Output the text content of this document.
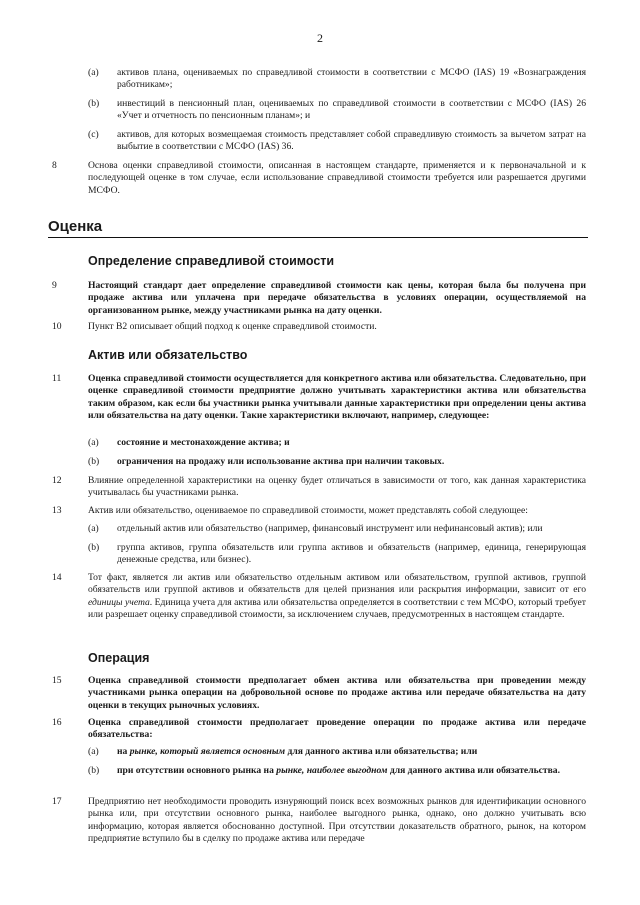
2
(a) активов плана, оцениваемых по справедливой стоимости в соответствии с МСФО (IAS) 19 «Вознаграждения работникам»;
(b) инвестиций в пенсионный план, оцениваемых по справедливой стоимости в соответствии с МСФО (IAS) 26 «Учет и отчетность по пенсионным планам»; и
(c) активов, для которых возмещаемая стоимость представляет собой справедливую стоимость за вычетом затрат на выбытие в соответствии с МСФО (IAS) 36.
8	Основа оценки справедливой стоимости, описанная в настоящем стандарте, применяется и к первоначальной и к последующей оценке в том случае, если использование справедливой стоимости требуется или разрешается другими МСФО.
Оценка
Определение справедливой стоимости
9	Настоящий стандарт дает определение справедливой стоимости как цены, которая была бы получена при продаже актива или уплачена при передаче обязательства в условиях операции, осуществляемой на организованном рынке, между участниками рынка на дату оценки.
10	Пункт B2 описывает общий подход к оценке справедливой стоимости.
Актив или обязательство
11	Оценка справедливой стоимости осуществляется для конкретного актива или обязательства. Следовательно, при оценке справедливой стоимости предприятие должно учитывать характеристики актива или обязательства таким образом, как если бы участники рынка учитывали данные характеристики при определении цены актива или обязательства на дату оценки. Такие характеристики включают, например, следующее:
(a) состояние и местонахождение актива; и
(b) ограничения на продажу или использование актива при наличии таковых.
12	Влияние определенной характеристики на оценку будет отличаться в зависимости от того, как данная характеристика учитывалась бы участниками рынка.
13	Актив или обязательство, оцениваемое по справедливой стоимости, может представлять собой следующее:
(a) отдельный актив или обязательство (например, финансовый инструмент или нефинансовый актив); или
(b) группа активов, группа обязательств или группа активов и обязательств (например, единица, генерирующая денежные средства, или бизнес).
14	Тот факт, является ли актив или обязательство отдельным активом или обязательством, группой активов, группой обязательств или группой активов и обязательств для целей признания или раскрытия информации, зависит от его единицы учета. Единица учета для актива или обязательства определяется в соответствии с тем МСФО, который требует или разрешает оценку справедливой стоимости, за исключением случаев, предусмотренных в настоящем стандарте.
Операция
15	Оценка справедливой стоимости предполагает обмен актива или обязательства при проведении между участниками рынка операции на добровольной основе по продаже актива или передаче обязательства на дату оценки в текущих рыночных условиях.
16	Оценка справедливой стоимости предполагает проведение операции по продаже актива или передаче обязательства:
(a) на рынке, который является основным для данного актива или обязательства; или
(b) при отсутствии основного рынка на рынке, наиболее выгодном для данного актива или обязательства.
17	Предприятию нет необходимости проводить изнуряющий поиск всех возможных рынков для идентификации основного рынка или, при отсутствии основного рынка, наиболее выгодного рынка, однако, оно должно учитывать всю информацию, которая является обоснованно доступной. При отсутствии доказательств обратного, рынок, на котором предприятие вступило бы в сделку по продаже актива или передаче
